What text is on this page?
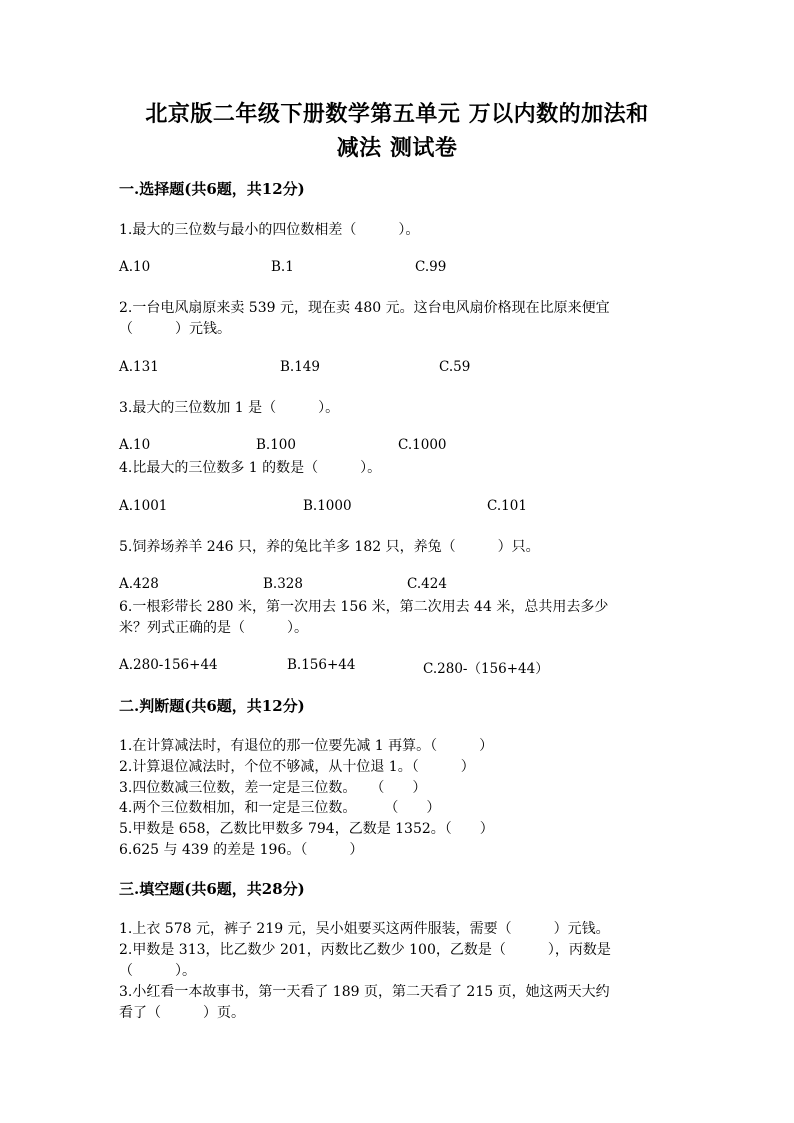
北京版二年级下册数学第五单元 万以内数的加法和
减法 测试卷
一.选择题(共6题，共12分)
1.最大的三位数与最小的四位数相差（　　　）。
A.10	B.1	C.99
2.一台电风扇原来卖 539 元，现在卖 480 元。这台电风扇价格现在比原来便宜
（　　　）元钱。
A.131	B.149	C.59
3.最大的三位数加 1 是（　　　）。
A.10	B.100	C.1000
4.比最大的三位数多 1 的数是（　　　）。
A.1001	B.1000	C.101
5.饲养场养羊 246 只，养的兔比羊多 182 只，养兔（　　　）只。
A.428	B.328	C.424
6.一根彩带长 280 米，第一次用去 156 米，第二次用去 44 米，总共用去多少
米？列式正确的是（　　　）。
A.280-156+44	B.156+44	C.280-（156+44）
二.判断题(共6题，共12分)
1.在计算减法时，有退位的那一位要先减 1 再算。（　　　）
2.计算退位减法时，个位不够减，从十位退 1。（　　　）
3.四位数减三位数，差一定是三位数。　　（　　）
4.两个三位数相加，和一定是三位数。　　　（　　）
5.甲数是 658，乙数比甲数多 794，乙数是 1352。（　　）
6.625 与 439 的差是 196。（　　　）
三.填空题(共6题，共28分)
1.上衣 578 元，裤子 219 元，吴小姐要买这两件服装，需要（　　　）元钱。
2.甲数是 313，比乙数少 201，丙数比乙数少 100，乙数是（　　　），丙数是
（　　　）。
3.小红看一本故事书，第一天看了 189 页，第二天看了 215 页，她这两天大约
看了（　　　）页。
